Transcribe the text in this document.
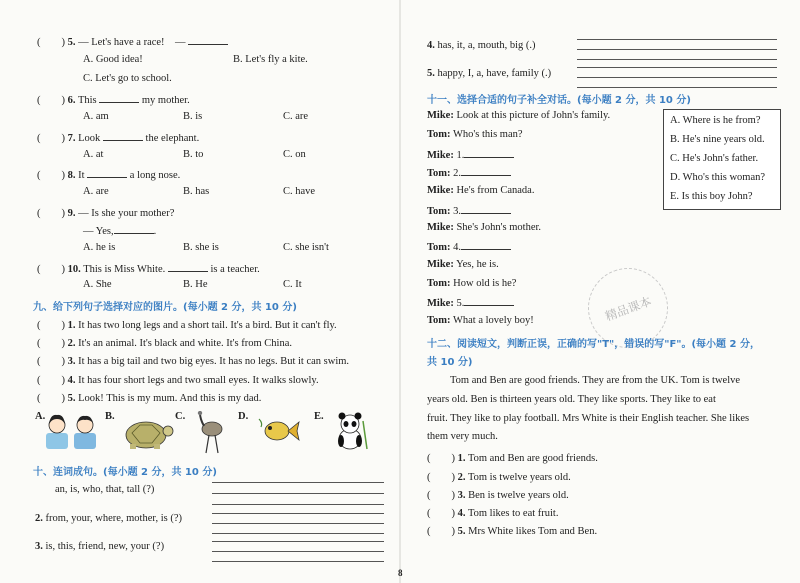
(　　) 5. — Let's have a race!　—
A. Good idea!	B. Let's fly a kite.
C. Let's go to school.
(　　) 6. This	my mother.
A. am	B. is	C. are
(　　) 7. Look	the elephant.
A. at	B. to	C. on
(　　) 8. It	a long nose.
A. are	B. has	C. have
(　　) 9. — Is she your mother?
— Yes,	.
A. he is	B. she is	C. she isn't
(　　) 10. This is Miss White.	is a teacher.
A. She	B. He	C. It
九、给下列句子选择对应的图片。(每小题 2 分，共 10 分)
(　　) 1. It has two long legs and a short tail. It's a bird. But it can't fly.
(　　) 2. It's an animal. It's black and white. It's from China.
(　　) 3. It has a big tail and two big eyes. It has no legs. But it can swim.
(　　) 4. It has four short legs and two small eyes. It walks slowly.
(　　) 5. Look! This is my mum. And this is my dad.
A.	B.	C.	D.	E.
十、连词成句。(每小题 2 分，共 10 分)
an, is, who, that, tall (?)
2. from, your, where, mother, is (?)
3. is, this, friend, new, your (?)
4. has, it, a, mouth, big (.)
5. happy, I, a, have, family (.)
十一、选择合适的句子补全对话。(每小题 2 分，共 10 分)
Mike: Look at this picture of John's family.
Tom: Who's this man?
Mike: 1.
Tom: 2.
Mike: He's from Canada.
Tom: 3.
Mike: She's John's mother.
Tom: 4.
Mike: Yes, he is.
Tom: How old is he?
Mike: 5.
Tom: What a lovely boy!
A. Where is he from?
B. He's nine years old.
C. He's John's father.
D. Who's this woman?
E. Is this boy John?
精品课本
十二、阅读短文，判断正误，正确的写"T"，错误的写"F"。(每小题 2 分，
共 10 分)
Tom and Ben are good friends. They are from the UK. Tom is twelve
years old. Ben is thirteen years old. They like sports. They like to eat
fruit. They like to play football. Mrs White is their English teacher. She likes
them very much.
(　　) 1. Tom and Ben are good friends.
(　　) 2. Tom is twelve years old.
(　　) 3. Ben is twelve years old.
(　　) 4. Tom likes to eat fruit.
(　　) 5. Mrs White likes Tom and Ben.
8
